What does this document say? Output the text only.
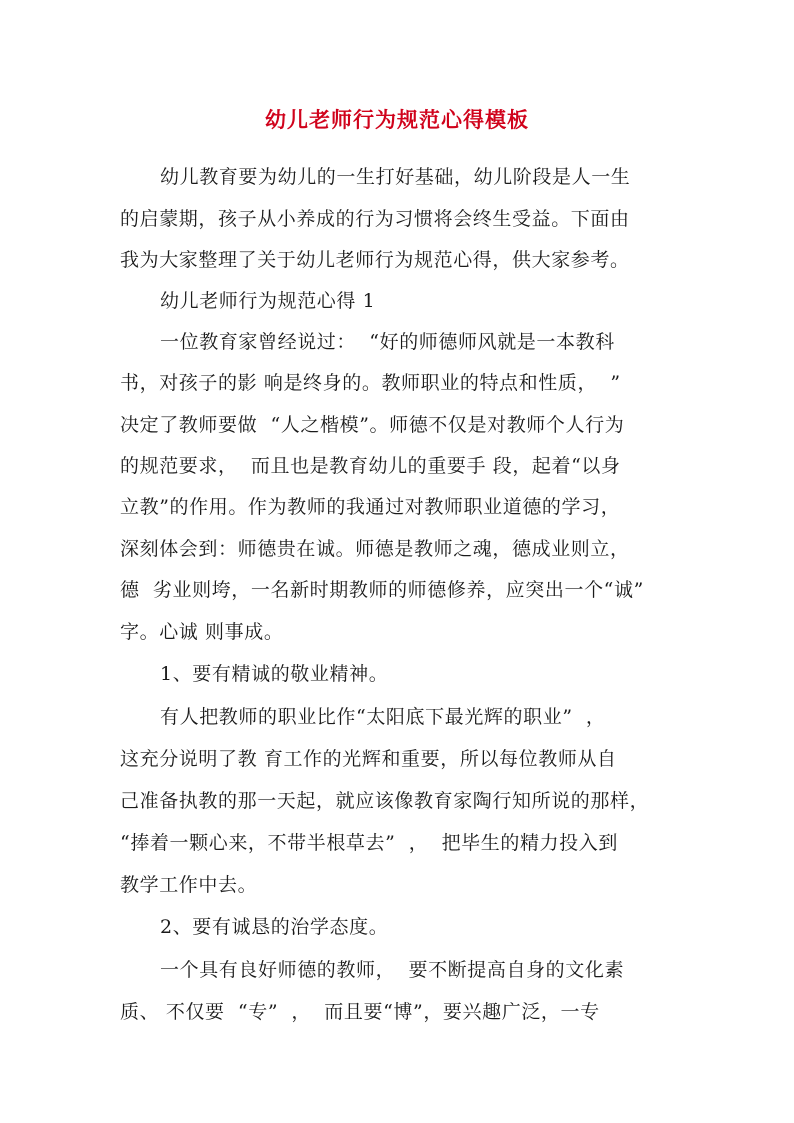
幼儿老师行为规范心得模板
幼儿教育要为幼儿的一生打好基础，幼儿阶段是人一生
的启蒙期，孩子从小养成的行为习惯将会终生受益。下面由
我为大家整理了关于幼儿老师行为规范心得，供大家参考。
幼儿老师行为规范心得 1
一位教育家曾经说过：  “好的师德师风就是一本教科
书，对孩子的影 响是终身的。教师职业的特点和性质，  ”
决定了教师要做  “人之楷模”。师德不仅是对教师个人行为
的规范要求，  而且也是教育幼儿的重要手 段，起着“以身
立教”的作用。作为教师的我通过对教师职业道德的学习，
深刻体会到：师德贵在诚。师德是教师之魂，德成业则立，
德  劣业则垮，一名新时期教师的师德修养，应突出一个“诚”
字。心诚 则事成。
1、要有精诚的敬业精神。
有人把教师的职业比作“太阳底下最光辉的职业”  ，
这充分说明了教 育工作的光辉和重要，所以每位教师从自
己准备执教的那一天起，就应该像教育家陶行知所说的那样，
“捧着一颗心来，不带半根草去”  ，  把毕生的精力投入到
教学工作中去。
2、要有诚恳的治学态度。
一个具有良好师德的教师，  要不断提高自身的文化素
质、 不仅要  “专”  ，  而且要“博”，要兴趣广泛，一专
